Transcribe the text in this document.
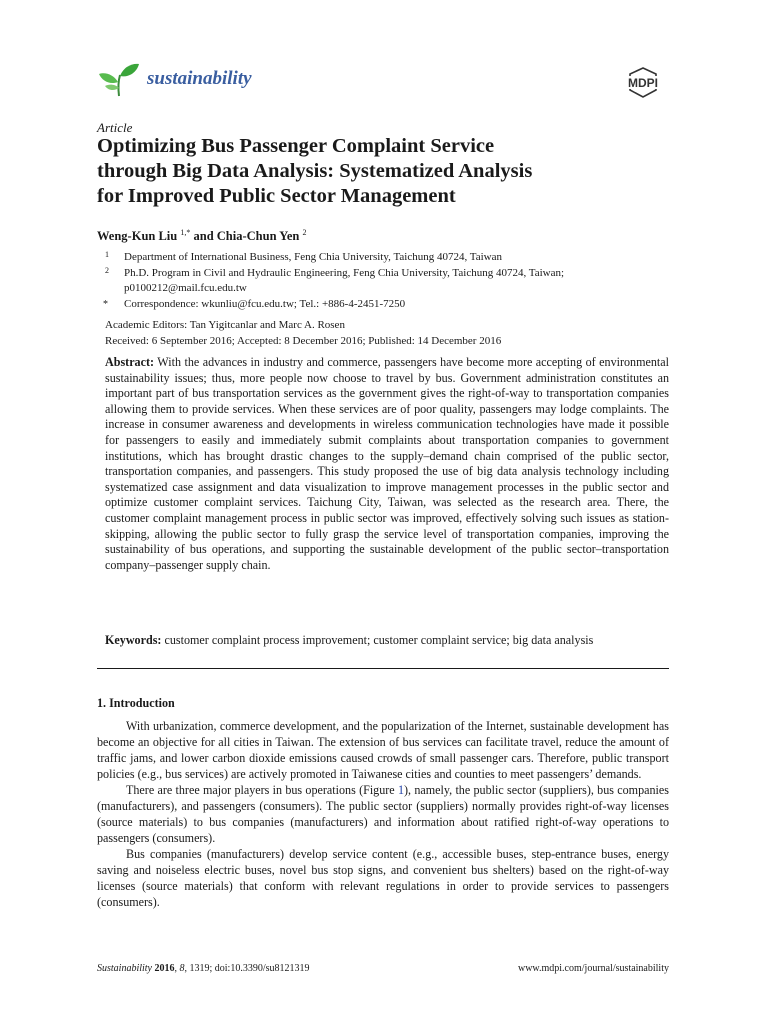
sustainability	MDPI
Article
Optimizing Bus Passenger Complaint Service
through Big Data Analysis: Systematized Analysis
for Improved Public Sector Management
Weng-Kun Liu $^{1,*}$ and Chia-Chun Yen $^2$
1 Department of International Business, Feng Chia University, Taichung 40724, Taiwan
2 Ph.D. Program in Civil and Hydraulic Engineering, Feng Chia University, Taichung 40724, Taiwan;
p0100212@mail.fcu.edu.tw
* Correspondence: wkunliu@fcu.edu.tw; Tel.: +886-4-2451-7250
Academic Editors: Tan Yigitcanlar and Marc A. Rosen
Received: 6 September 2016; Accepted: 8 December 2016; Published: 14 December 2016

Abstract: With the advances in industry and commerce, passengers have become more accepting of environmental sustainability issues; thus, more people now choose to travel by bus. Government administration constitutes an important part of bus transportation services as the government gives the right-of-way to transportation companies allowing them to provide services. When these services are of poor quality, passengers may lodge complaints. The increase in consumer awareness and developments in wireless communication technologies have made it possible for passengers to easily and immediately submit complaints about transportation companies to government institutions, which has brought drastic changes to the supply–demand chain comprised of the public sector, transportation companies, and passengers. This study proposed the use of big data analysis technology including systematized case assignment and data visualization to improve management processes in the public sector and optimize customer complaint services. Taichung City, Taiwan, was selected as the research area. There, the customer complaint management process in public sector was improved, effectively solving such issues as station-skipping, allowing the public sector to fully grasp the service level of transportation companies, improving the sustainability of bus operations, and supporting the sustainable development of the public sector–transportation company–passenger supply chain.

Keywords: customer complaint process improvement; customer complaint service; big data analysis

1. Introduction

With urbanization, commerce development, and the popularization of the Internet, sustainable development has become an objective for all cities in Taiwan. The extension of bus services can facilitate travel, reduce the amount of traffic jams, and lower carbon dioxide emissions caused crowds of small passenger cars. Therefore, public transport policies (e.g., bus services) are actively promoted in Taiwanese cities and counties to meet passengers’ demands.

There are three major players in bus operations (Figure 1), namely, the public sector (suppliers), bus companies (manufacturers), and passengers (consumers). The public sector (suppliers) normally provides right-of-way licenses (source materials) to bus companies (manufacturers) and information about ratified right-of-way operations to passengers (consumers).

Bus companies (manufacturers) develop service content (e.g., accessible buses, step-entrance buses, energy saving and noiseless electric buses, novel bus stop signs, and convenient bus shelters) based on the right-of-way licenses (source materials) that conform with relevant regulations in order to provide services to passengers (consumers).

Sustainability 2016, 8, 1319; doi:10.3390/su8121319	www.mdpi.com/journal/sustainability
